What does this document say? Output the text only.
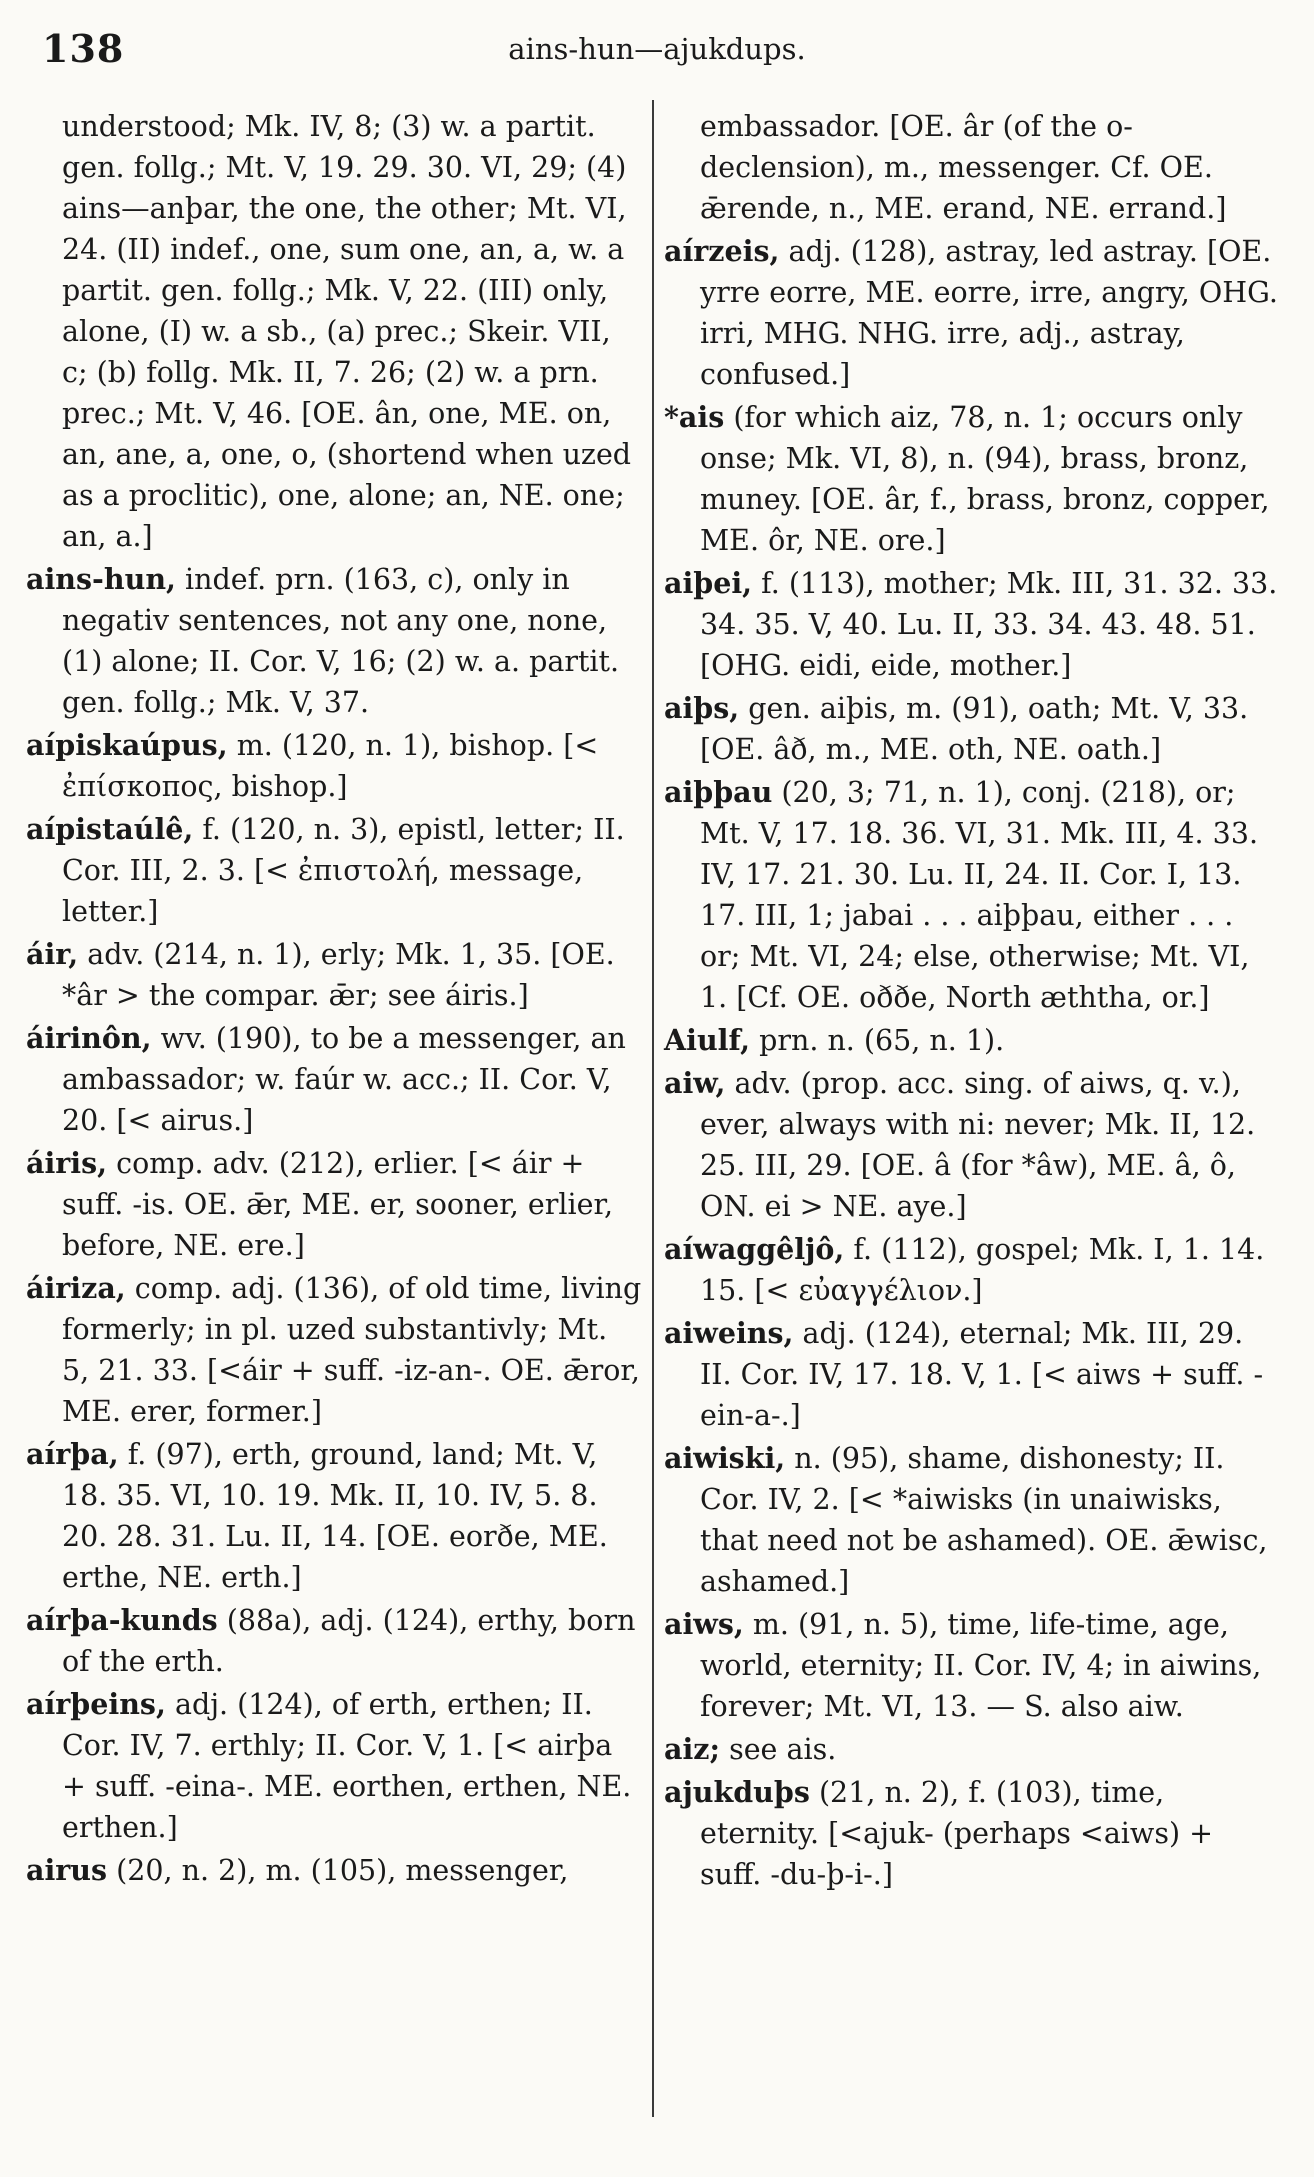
138	ains-hun—ajukdups.

understood; Mk. IV, 8; (3) w. a partit. gen. follg.; Mt. V, 19. 29. 30. VI, 29; (4) ains—anþar, the one, the other; Mt. VI, 24. (II) indef., one, sum one, an, a, w. a partit. gen. follg.; Mk. V, 22. (III) only, alone, (I) w. a sb., (a) prec.; Skeir. VII, c; (b) follg. Mk. II, 7. 26; (2) w. a prn. prec.; Mt. V, 46. [OE. ân, one, ME. on, an, ane, a, one, o, (shortend when uzed as a proclitic), one, alone; an, NE. one; an, a.]

ains-hun, indef. prn. (163, c), only in negativ sentences, not any one, none, (1) alone; II. Cor. V, 16; (2) w. a. partit. gen. follg.; Mk. V, 37.

aípiskaúpus, m. (120, n. 1), bishop. [< ἐπίσκοπος, bishop.]

aípistaúlê, f. (120, n. 3), epistl, letter; II. Cor. III, 2. 3. [< ἐπιστολή, message, letter.]

áir, adv. (214, n. 1), erly; Mk. 1, 35. [OE. *âr > the compar. ǣr; see áiris.]

áirinôn, wv. (190), to be a messenger, an ambassador; w. faúr w. acc.; II. Cor. V, 20. [< airus.]

áiris, comp. adv. (212), erlier. [< áir + suff. -is. OE. ǣr, ME. er, sooner, erlier, before, NE. ere.]

áiriza, comp. adj. (136), of old time, living formerly; in pl. uzed substantivly; Mt. 5, 21. 33. [<áir + suff. -iz-an-. OE. ǣror, ME. erer, former.]

aírþa, f. (97), erth, ground, land; Mt. V, 18. 35. VI, 10. 19. Mk. II, 10. IV, 5. 8. 20. 28. 31. Lu. II, 14. [OE. eorðe, ME. erthe, NE. erth.]

aírþa-kunds (88a), adj. (124), erthy, born of the erth.

aírþeins, adj. (124), of erth, erthen; II. Cor. IV, 7. erthly; II. Cor. V, 1. [< airþa + suff. -eina-. ME. eorthen, erthen, NE. erthen.]

airus (20, n. 2), m. (105), messenger,

embassador. [OE. âr (of the o-declension), m., messenger. Cf. OE. ǣrende, n., ME. erand, NE. errand.]

aírzeis, adj. (128), astray, led astray. [OE. yrre eorre, ME. eorre, irre, angry, OHG. irri, MHG. NHG. irre, adj., astray, confused.]

*ais (for which aiz, 78, n. 1; occurs only onse; Mk. VI, 8), n. (94), brass, bronz, muney. [OE. âr, f., brass, bronz, copper, ME. ôr, NE. ore.]

aiþei, f. (113), mother; Mk. III, 31. 32. 33. 34. 35. V, 40. Lu. II, 33. 34. 43. 48. 51. [OHG. eidi, eide, mother.]

aiþs, gen. aiþis, m. (91), oath; Mt. V, 33. [OE. âð, m., ME. oth, NE. oath.]

aiþþau (20, 3; 71, n. 1), conj. (218), or; Mt. V, 17. 18. 36. VI, 31. Mk. III, 4. 33. IV, 17. 21. 30. Lu. II, 24. II. Cor. I, 13. 17. III, 1; jabai . . . aiþþau, either . . . or; Mt. VI, 24; else, otherwise; Mt. VI, 1. [Cf. OE. oððe, North æththa, or.]

Aiulf, prn. n. (65, n. 1).

aiw, adv. (prop. acc. sing. of aiws, q. v.), ever, always with ni: never; Mk. II, 12. 25. III, 29. [OE. â (for *âw), ME. â, ô, ON. ei > NE. aye.]

aíwaggêljô, f. (112), gospel; Mk. I, 1. 14. 15. [< εὐαγγέλιον.]

aiweins, adj. (124), eternal; Mk. III, 29. II. Cor. IV, 17. 18. V, 1. [< aiws + suff. -ein-a-.]

aiwiski, n. (95), shame, dishonesty; II. Cor. IV, 2. [< *aiwisks (in unaiwisks, that need not be ashamed). OE. ǣwisc, ashamed.]

aiws, m. (91, n. 5), time, life-time, age, world, eternity; II. Cor. IV, 4; in aiwins, forever; Mt. VI, 13. — S. also aiw.

aiz; see ais.

ajukduþs (21, n. 2), f. (103), time, eternity. [<ajuk- (perhaps <aiws) + suff. -du-þ-i-.]
